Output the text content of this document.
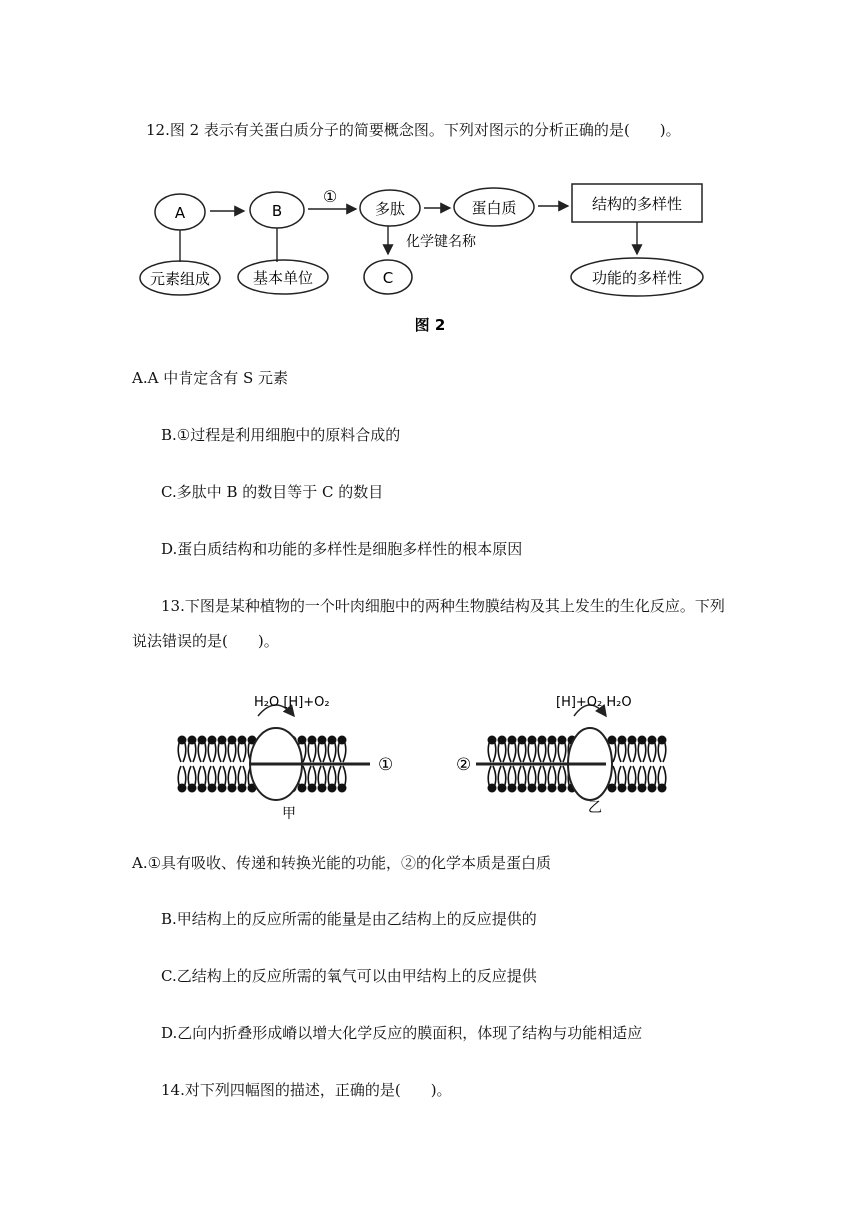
12.图 2 表示有关蛋白质分子的简要概念图。下列对图示的分析正确的是(　　)。
A	B	多肽	蛋白质	结构的多样性
①
化学键名称
元素组成	基本单位	C	功能的多样性
图 2
A.A 中肯定含有 S 元素
B.①过程是利用细胞中的原料合成的
C.多肽中 B 的数目等于 C 的数目
D.蛋白质结构和功能的多样性是细胞多样性的根本原因
13.下图是某种植物的一个叶肉细胞中的两种生物膜结构及其上发生的生化反应。下列
说法错误的是(　　)。
H₂O [H]+O₂
①
甲
②
[H]+O₂ H₂O
乙
A.①具有吸收、传递和转换光能的功能，②的化学本质是蛋白质
B.甲结构上的反应所需的能量是由乙结构上的反应提供的
C.乙结构上的反应所需的氧气可以由甲结构上的反应提供
D.乙向内折叠形成嵴以增大化学反应的膜面积，体现了结构与功能相适应
14.对下列四幅图的描述，正确的是(　　)。
